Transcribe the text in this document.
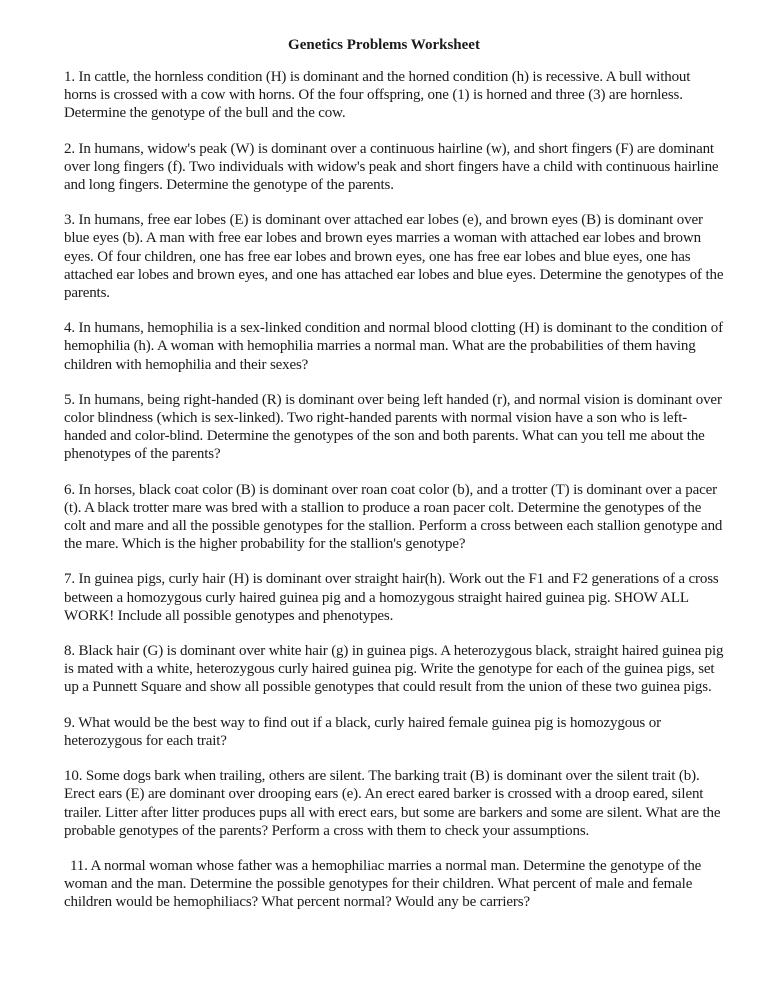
Genetics Problems Worksheet

1. In cattle, the hornless condition (H) is dominant and the horned condition (h) is recessive. A bull without horns is crossed with a cow with horns. Of the four offspring, one (1) is horned and three (3) are hornless. Determine the genotype of the bull and the cow.

2. In humans, widow's peak (W) is dominant over a continuous hairline (w), and short fingers (F) are dominant over long fingers (f). Two individuals with widow's peak and short fingers have a child with continuous hairline and long fingers. Determine the genotype of the parents.

3. In humans, free ear lobes (E) is dominant over attached ear lobes (e), and brown eyes (B) is dominant over blue eyes (b). A man with free ear lobes and brown eyes marries a woman with attached ear lobes and brown eyes. Of four children, one has free ear lobes and brown eyes, one has free ear lobes and blue eyes, one has attached ear lobes and brown eyes, and one has attached ear lobes and blue eyes. Determine the genotypes of the parents.

4. In humans, hemophilia is a sex-linked condition and normal blood clotting (H) is dominant to the condition of hemophilia (h). A woman with hemophilia marries a normal man. What are the probabilities of them having children with hemophilia and their sexes?

5. In humans, being right-handed (R) is dominant over being left handed (r), and normal vision is dominant over color blindness (which is sex-linked). Two right-handed parents with normal vision have a son who is left-handed and color-blind. Determine the genotypes of the son and both parents. What can you tell me about the phenotypes of the parents?

6. In horses, black coat color (B) is dominant over roan coat color (b), and a trotter (T) is dominant over a pacer (t). A black trotter mare was bred with a stallion to produce a roan pacer colt. Determine the genotypes of the colt and mare and all the possible genotypes for the stallion. Perform a cross between each stallion genotype and the mare. Which is the higher probability for the stallion's genotype?

7. In guinea pigs, curly hair (H) is dominant over straight hair(h). Work out the F1 and F2 generations of a cross between a homozygous curly haired guinea pig and a homozygous straight haired guinea pig. SHOW ALL WORK! Include all possible genotypes and phenotypes.

8. Black hair (G) is dominant over white hair (g) in guinea pigs. A heterozygous black, straight haired guinea pig is mated with a white, heterozygous curly haired guinea pig. Write the genotype for each of the guinea pigs, set up a Punnett Square and show all possible genotypes that could result from the union of these two guinea pigs.

9. What would be the best way to find out if a black, curly haired female guinea pig is homozygous or heterozygous for each trait?

10. Some dogs bark when trailing, others are silent. The barking trait (B) is dominant over the silent trait (b). Erect ears (E) are dominant over drooping ears (e). An erect eared barker is crossed with a droop eared, silent trailer. Litter after litter produces pups all with erect ears, but some are barkers and some are silent. What are the probable genotypes of the parents? Perform a cross with them to check your assumptions.

11. A normal woman whose father was a hemophiliac marries a normal man. Determine the genotype of the woman and the man. Determine the possible genotypes for their children. What percent of male and female children would be hemophiliacs? What percent normal? Would any be carriers?
